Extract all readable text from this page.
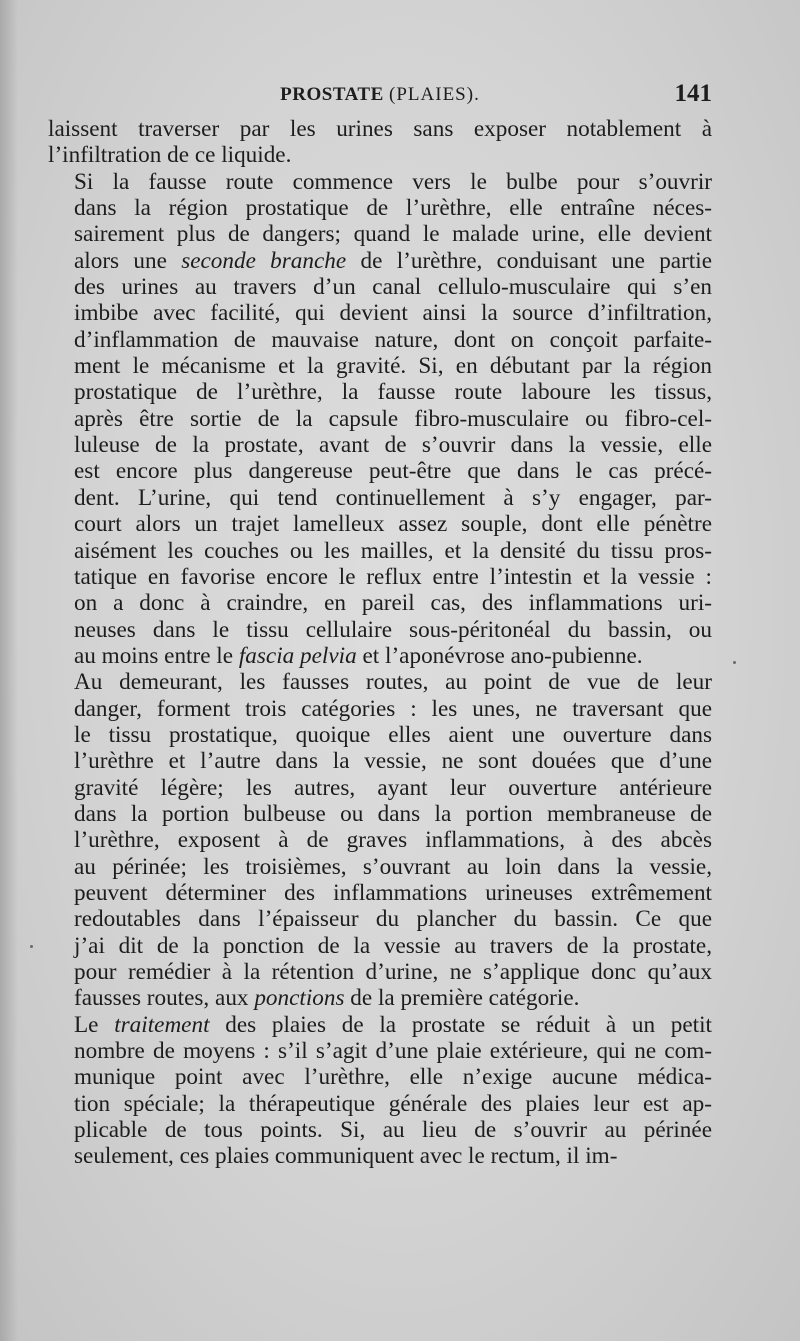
PROSTATE (PLAIES).	141

laissent traverser par les urines sans exposer notablement à
l’infiltration de ce liquide.

Si la fausse route commence vers le bulbe pour s’ouvrir
dans la région prostatique de l’urèthre, elle entraîne néces-
sairement plus de dangers; quand le malade urine, elle devient
alors une seconde branche de l’urèthre, conduisant une partie
des urines au travers d’un canal cellulo-musculaire qui s’en
imbibe avec facilité, qui devient ainsi la source d’infiltration,
d’inflammation de mauvaise nature, dont on conçoit parfaite-
ment le mécanisme et la gravité. Si, en débutant par la région
prostatique de l’urèthre, la fausse route laboure les tissus,
après être sortie de la capsule fibro-musculaire ou fibro-cel-
luleuse de la prostate, avant de s’ouvrir dans la vessie, elle
est encore plus dangereuse peut-être que dans le cas précé-
dent. L’urine, qui tend continuellement à s’y engager, par-
court alors un trajet lamelleux assez souple, dont elle pénètre
aisément les couches ou les mailles, et la densité du tissu pros-
tatique en favorise encore le reflux entre l’intestin et la vessie :
on a donc à craindre, en pareil cas, des inflammations uri-
neuses dans le tissu cellulaire sous-péritonéal du bassin, ou
au moins entre le fascia pelvia et l’aponévrose ano-pubienne.

Au demeurant, les fausses routes, au point de vue de leur
danger, forment trois catégories : les unes, ne traversant que
le tissu prostatique, quoique elles aient une ouverture dans
l’urèthre et l’autre dans la vessie, ne sont douées que d’une
gravité légère; les autres, ayant leur ouverture antérieure
dans la portion bulbeuse ou dans la portion membraneuse de
l’urèthre, exposent à de graves inflammations, à des abcès
au périnée; les troisièmes, s’ouvrant au loin dans la vessie,
peuvent déterminer des inflammations urineuses extrêmement
redoutables dans l’épaisseur du plancher du bassin. Ce que
j’ai dit de la ponction de la vessie au travers de la prostate,
pour remédier à la rétention d’urine, ne s’applique donc qu’aux
fausses routes, aux ponctions de la première catégorie.

Le traitement des plaies de la prostate se réduit à un petit
nombre de moyens : s’il s’agit d’une plaie extérieure, qui ne com-
munique point avec l’urèthre, elle n’exige aucune médica-
tion spéciale; la thérapeutique générale des plaies leur est ap-
plicable de tous points. Si, au lieu de s’ouvrir au périnée
seulement, ces plaies communiquent avec le rectum, il im-
